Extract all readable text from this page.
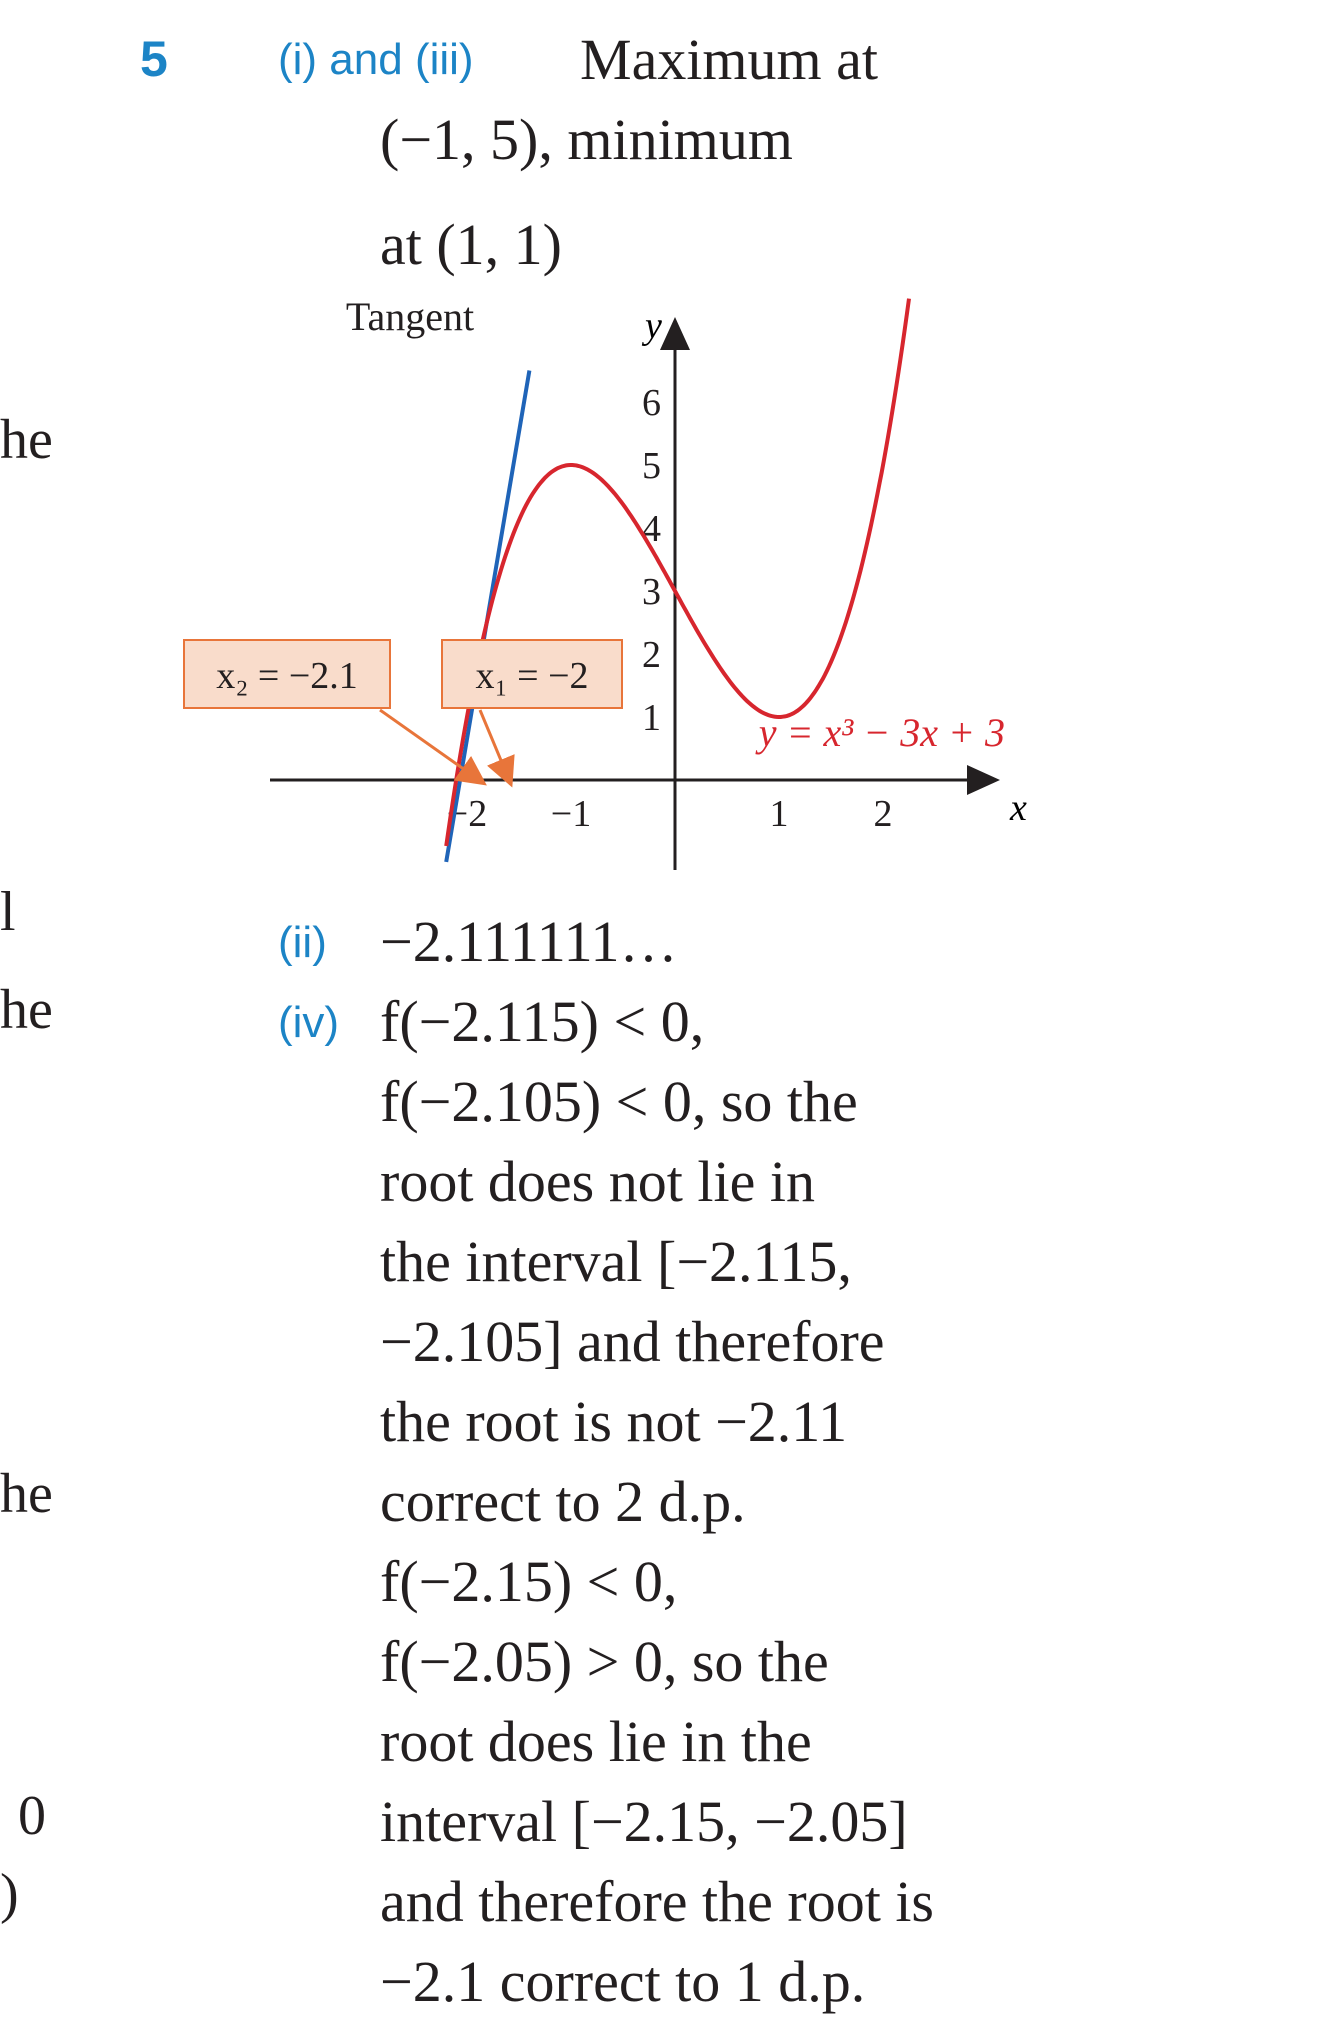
he
l
he
he
0
)
5	(i) and (iii) Maximum at
(−1, 5), minimum
at (1, 1)
x
y
−2 −1	1 2
1
2
3
4
5
6
x₂ = −2.1	x₁ = −2
Tangent
y = x³ − 3x + 3
(ii) −2.111111…
(iv) f(−2.115) < 0,
f(−2.105) < 0, so the
root does not lie in
the interval [−2.115,
−2.105] and therefore
the root is not −2.11
correct to 2 d.p.
f(−2.15) < 0,
f(−2.05) > 0, so the
root does lie in the
interval [−2.15, −2.05]
and therefore the root is
−2.1 correct to 1 d.p.
